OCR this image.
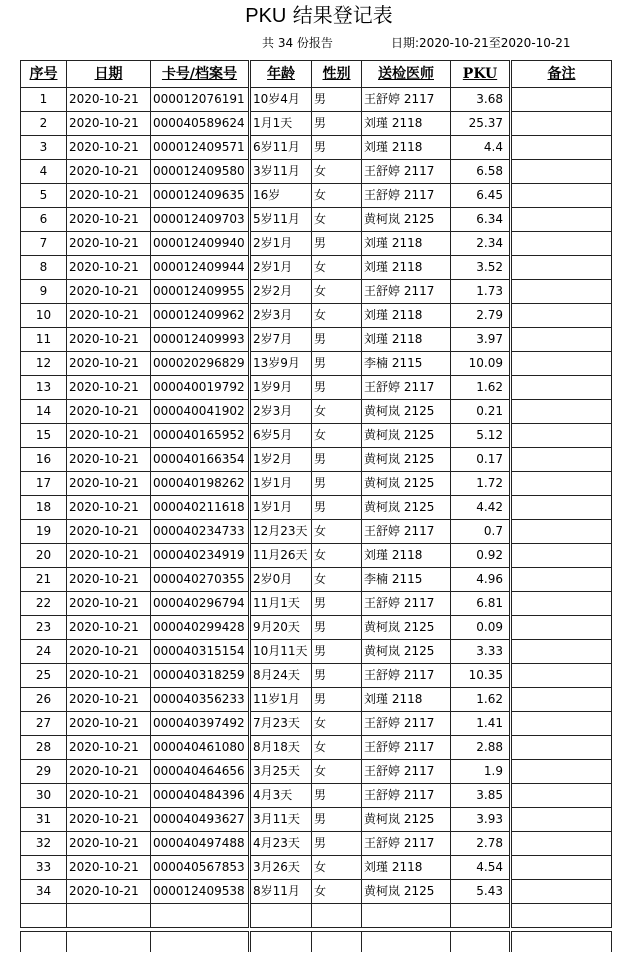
PKU 结果登记表
共 34 份报告	日期:2020-10-21至2020-10-21
序号	日期	卡号/档案号	年龄	性别	送检医师	PKU	备注
1	2020-10-21	000012076191	10岁4月	男	王舒婷 2117	3.68	
2	2020-10-21	000040589624	1月1天	男	刘瑾 2118	25.37	
3	2020-10-21	000012409571	6岁11月	男	刘瑾 2118	4.4	
4	2020-10-21	000012409580	3岁11月	女	王舒婷 2117	6.58	
5	2020-10-21	000012409635	16岁	女	王舒婷 2117	6.45	
6	2020-10-21	000012409703	5岁11月	女	黄柯岚 2125	6.34	
7	2020-10-21	000012409940	2岁1月	男	刘瑾 2118	2.34	
8	2020-10-21	000012409944	2岁1月	女	刘瑾 2118	3.52	
9	2020-10-21	000012409955	2岁2月	女	王舒婷 2117	1.73	
10	2020-10-21	000012409962	2岁3月	女	刘瑾 2118	2.79	
11	2020-10-21	000012409993	2岁7月	男	刘瑾 2118	3.97	
12	2020-10-21	000020296829	13岁9月	男	李楠 2115	10.09	
13	2020-10-21	000040019792	1岁9月	男	王舒婷 2117	1.62	
14	2020-10-21	000040041902	2岁3月	女	黄柯岚 2125	0.21	
15	2020-10-21	000040165952	6岁5月	女	黄柯岚 2125	5.12	
16	2020-10-21	000040166354	1岁2月	男	黄柯岚 2125	0.17	
17	2020-10-21	000040198262	1岁1月	男	黄柯岚 2125	1.72	
18	2020-10-21	000040211618	1岁1月	男	黄柯岚 2125	4.42	
19	2020-10-21	000040234733	12月23天	女	王舒婷 2117	0.7	
20	2020-10-21	000040234919	11月26天	女	刘瑾 2118	0.92	
21	2020-10-21	000040270355	2岁0月	女	李楠 2115	4.96	
22	2020-10-21	000040296794	11月1天	男	王舒婷 2117	6.81	
23	2020-10-21	000040299428	9月20天	男	黄柯岚 2125	0.09	
24	2020-10-21	000040315154	10月11天	男	黄柯岚 2125	3.33	
25	2020-10-21	000040318259	8月24天	男	王舒婷 2117	10.35	
26	2020-10-21	000040356233	11岁1月	男	刘瑾 2118	1.62	
27	2020-10-21	000040397492	7月23天	女	王舒婷 2117	1.41	
28	2020-10-21	000040461080	8月18天	女	王舒婷 2117	2.88	
29	2020-10-21	000040464656	3月25天	女	王舒婷 2117	1.9	
30	2020-10-21	000040484396	4月3天	男	王舒婷 2117	3.85	
31	2020-10-21	000040493627	3月11天	男	黄柯岚 2125	3.93	
32	2020-10-21	000040497488	4月23天	男	王舒婷 2117	2.78	
33	2020-10-21	000040567853	3月26天	女	刘瑾 2118	4.54	
34	2020-10-21	000012409538	8岁11月	女	黄柯岚 2125	5.43	
